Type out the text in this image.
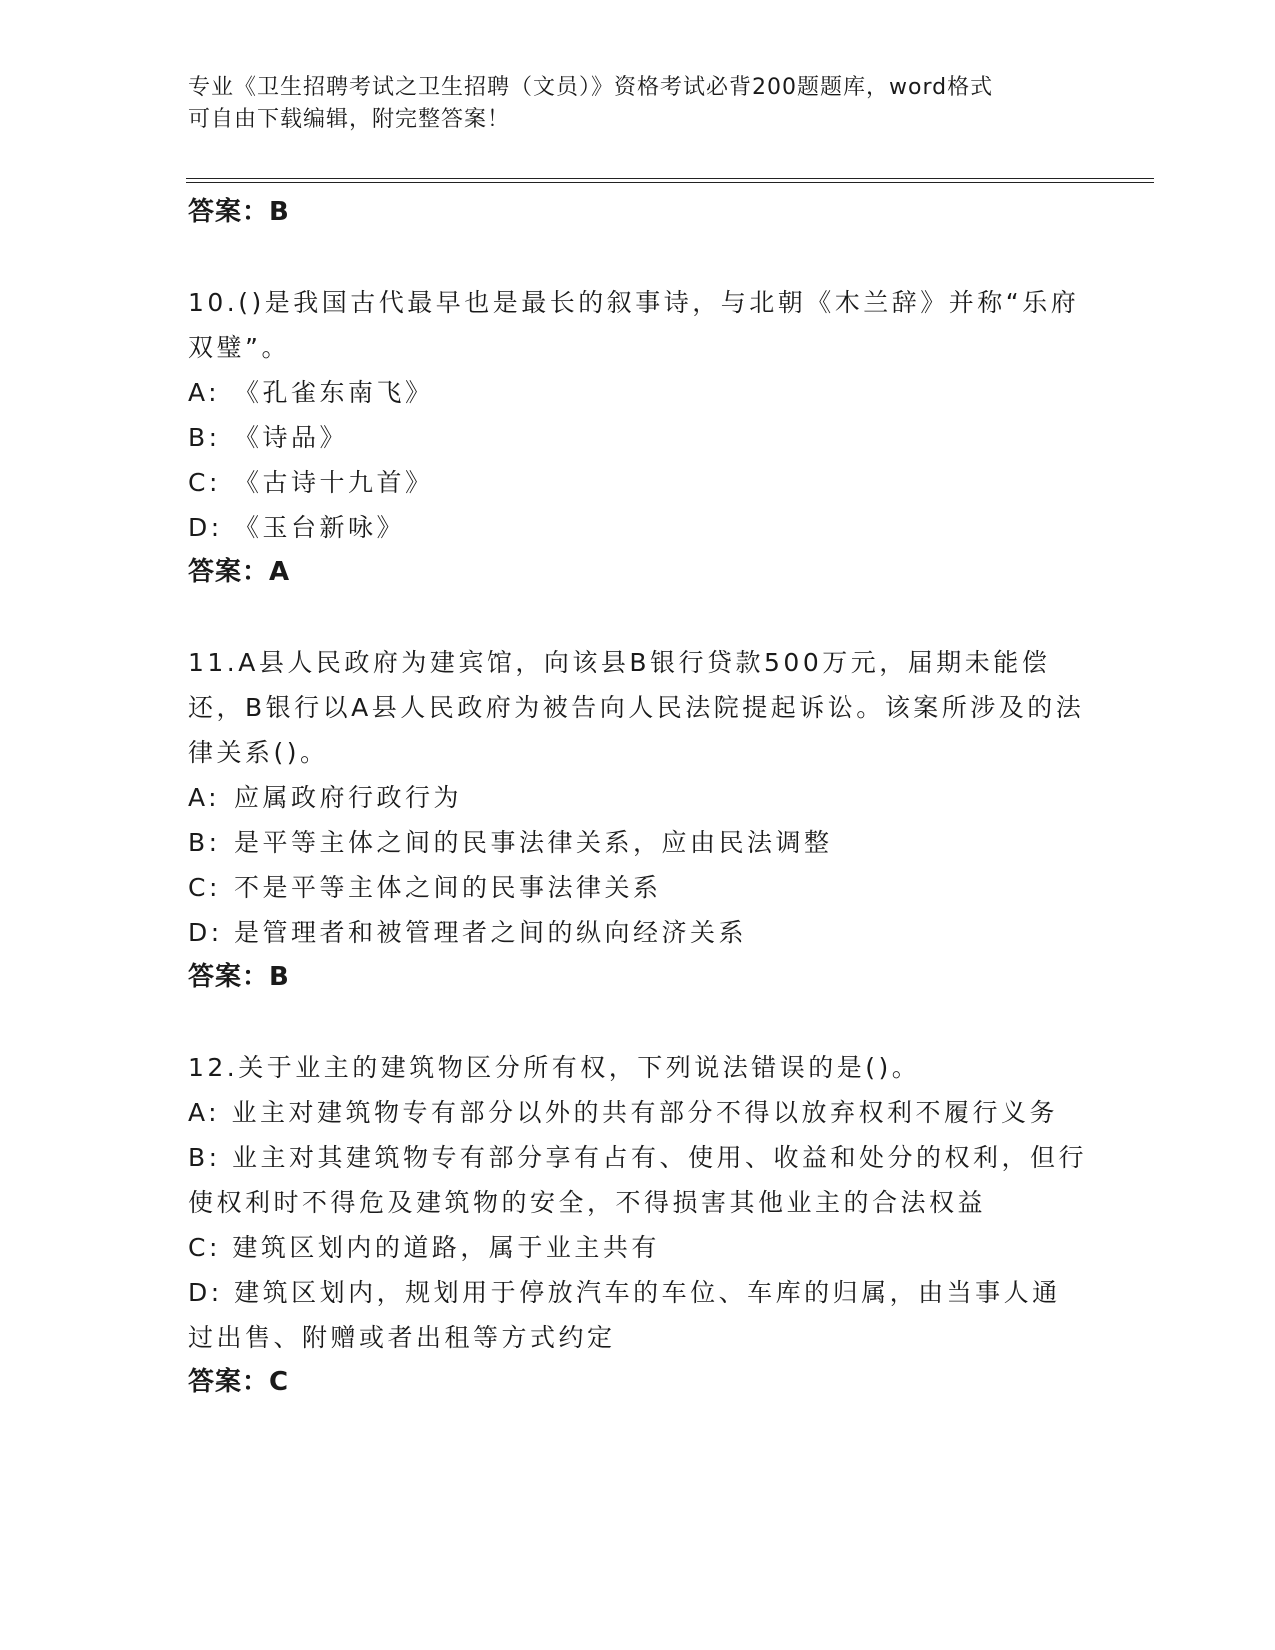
专业《卫生招聘考试之卫生招聘（文员）》资格考试必背200题题库，word格式
可自由下载编辑，附完整答案！
答案：B
10.()是我国古代最早也是最长的叙事诗，与北朝《木兰辞》并称“乐府双璧”。
A: 《孔雀东南飞》
B: 《诗品》
C: 《古诗十九首》
D: 《玉台新咏》
答案：A
11.A县人民政府为建宾馆，向该县B银行贷款500万元，届期未能偿还，B银行以A县人民政府为被告向人民法院提起诉讼。该案所涉及的法律关系()。
A: 应属政府行政行为
B: 是平等主体之间的民事法律关系，应由民法调整
C: 不是平等主体之间的民事法律关系
D: 是管理者和被管理者之间的纵向经济关系
答案：B
12.关于业主的建筑物区分所有权，下列说法错误的是()。
A: 业主对建筑物专有部分以外的共有部分不得以放弃权利不履行义务
B: 业主对其建筑物专有部分享有占有、使用、收益和处分的权利，但行使权利时不得危及建筑物的安全，不得损害其他业主的合法权益
C: 建筑区划内的道路，属于业主共有
D: 建筑区划内，规划用于停放汽车的车位、车库的归属，由当事人通过出售、附赠或者出租等方式约定
答案：C
